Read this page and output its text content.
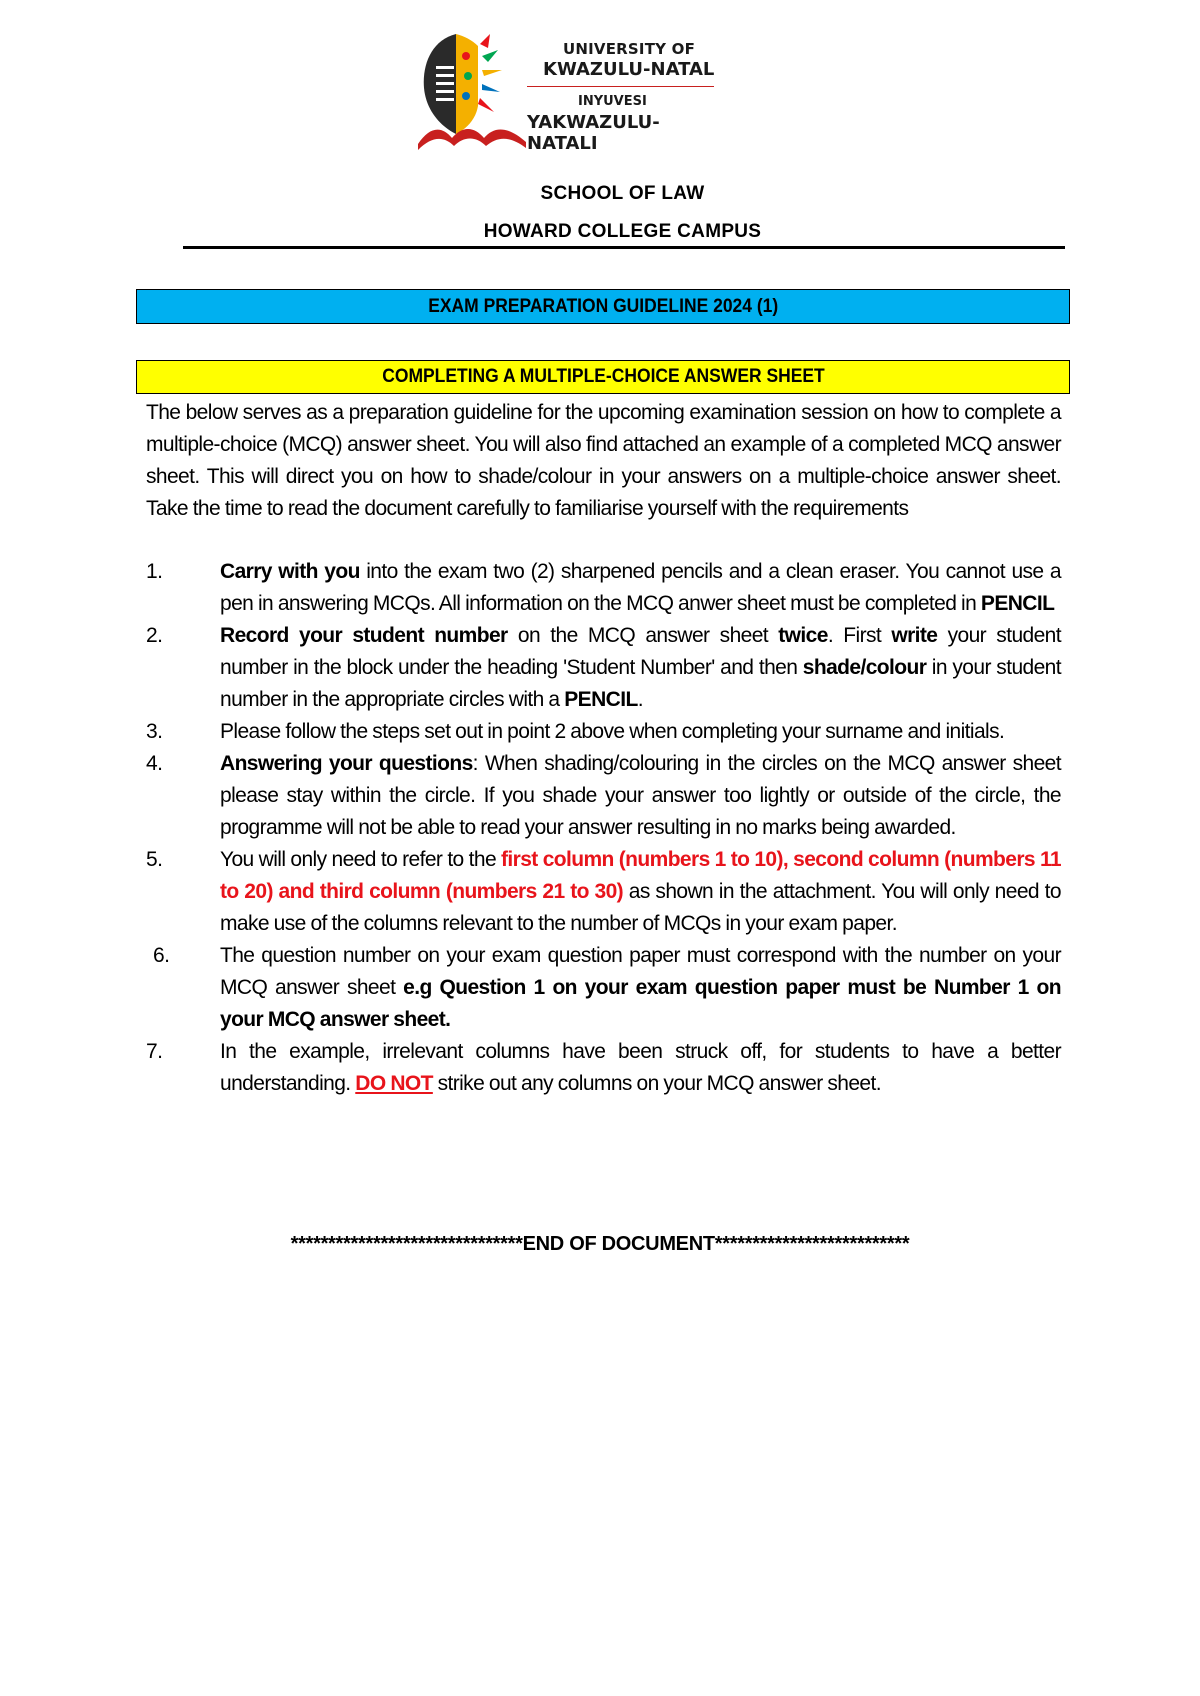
UNIVERSITY OF
KWAZULU-NATAL
INYUVESI
YAKWAZULU-NATALI
SCHOOL OF LAW
HOWARD COLLEGE CAMPUS
EXAM PREPARATION GUIDELINE 2024 (1)
COMPLETING A MULTIPLE-CHOICE ANSWER SHEET
The below serves as a preparation guideline for the upcoming examination session on how to complete a multiple-choice (MCQ) answer sheet. You will also find attached an example of a completed MCQ answer sheet. This will direct you on how to shade/colour in your answers on a multiple-choice answer sheet. Take the time to read the document carefully to familiarise yourself with the requirements
1.	Carry with you into the exam two (2) sharpened pencils and a clean eraser. You cannot use a pen in answering MCQs. All information on the MCQ anwer sheet must be completed in PENCIL
2.	Record your student number on the MCQ answer sheet twice. First write your student number in the block under the heading 'Student Number' and then shade/colour in your student number in the appropriate circles with a PENCIL.
3.	Please follow the steps set out in point 2 above when completing your surname and initials.
4.	Answering your questions: When shading/colouring in the circles on the MCQ answer sheet please stay within the circle. If you shade your answer too lightly or outside of the circle, the programme will not be able to read your answer resulting in no marks being awarded.
5.	You will only need to refer to the first column (numbers 1 to 10), second column (numbers 11 to 20) and third column (numbers 21 to 30) as shown in the attachment. You will only need to make use of the columns relevant to the number of MCQs in your exam paper.
6. The question number on your exam question paper must correspond with the number on your MCQ answer sheet e.g Question 1 on your exam question paper must be Number 1 on your MCQ answer sheet.
7.	In the example, irrelevant columns have been struck off, for students to have a better understanding. DO NOT strike out any columns on your MCQ answer sheet.
*******************************END OF DOCUMENT**************************
